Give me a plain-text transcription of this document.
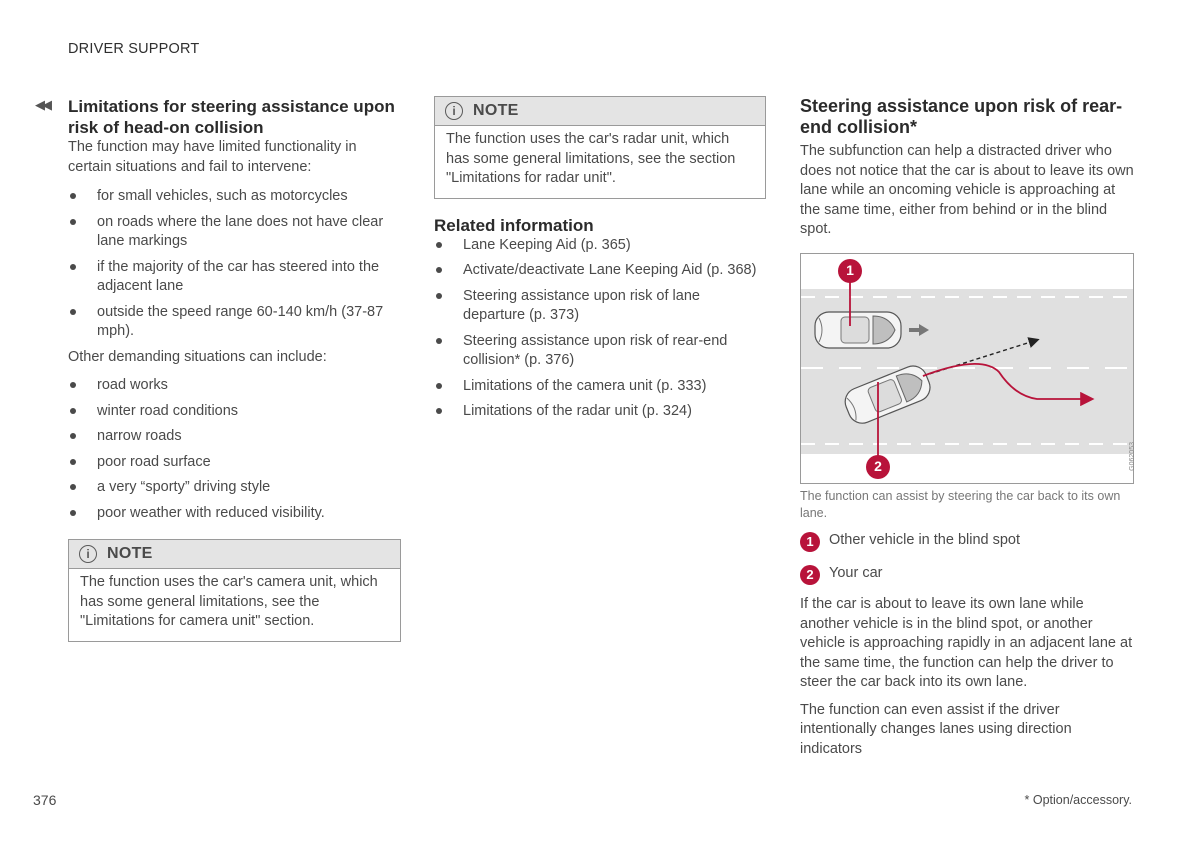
DRIVER SUPPORT
◀◀ Limitations for steering assistance upon risk of head-on collision

The function may have limited functionality in certain situations and fail to intervene:

for small vehicles, such as motorcycles
on roads where the lane does not have clear lane markings
if the majority of the car has steered into the adjacent lane
outside the speed range 60-140 km/h (37-87 mph).

Other demanding situations can include:

road works
winter road conditions
narrow roads
poor road surface
a very “sporty” driving style
poor weather with reduced visibility.
i	NOTE

The function uses the car's camera unit, which has some general limitations, see the "Limitations for camera unit" section.

i	NOTE

The function uses the car's radar unit, which has some general limitations, see the section "Limitations for radar unit".

Related information
Lane Keeping Aid (p. 365)
Activate/deactivate Lane Keeping Aid (p. 368)
Steering assistance upon risk of lane departure (p. 373)
Steering assistance upon risk of rear-end collision* (p. 376)
Limitations of the camera unit (p. 333)
Limitations of the radar unit (p. 324)
Steering assistance upon risk of rear-end collision*

The subfunction can help a distracted driver who does not notice that the car is about to leave its own lane while an oncoming vehicle is approaching at the same time, either from behind or in the blind spot.

1
2	G062053

The function can assist by steering the car back to its own lane.

1	Other vehicle in the blind spot
2	Your car

If the car is about to leave its own lane while another vehicle is in the blind spot, or another vehicle is approaching rapidly in an adjacent lane at the same time, the function can help the driver to steer the car back into its own lane.

The function can even assist if the driver intentionally changes lanes using direction indicators

376	* Option/accessory.
